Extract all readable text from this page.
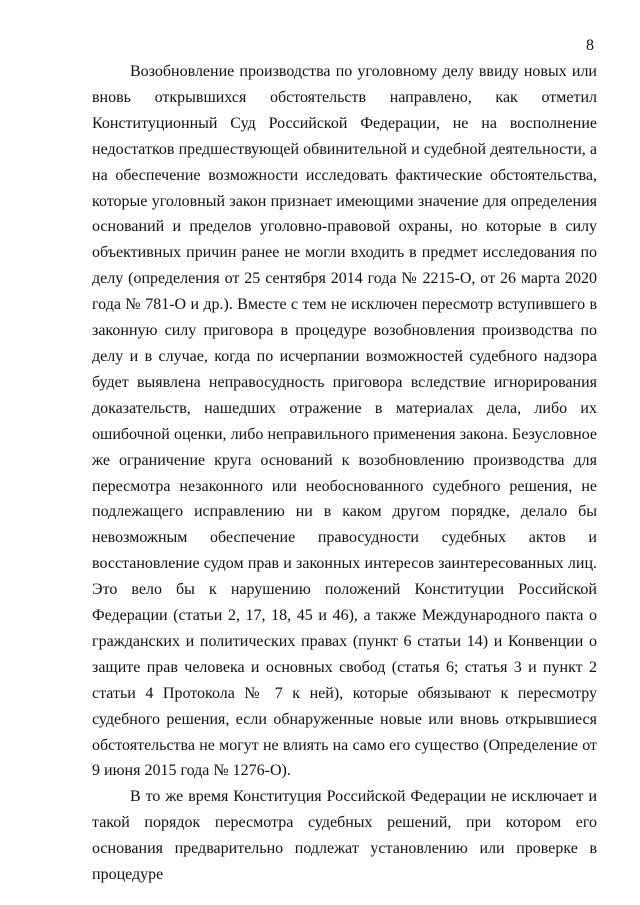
8

Возобновление производства по уголовному делу ввиду новых или вновь открывшихся обстоятельств направлено, как отметил Конституционный Суд Российской Федерации, не на восполнение недостатков предшествующей обвинительной и судебной деятельности, а на обеспечение возможности исследовать фактические обстоятельства, которые уголовный закон признает имеющими значение для определения оснований и пределов уголовно-правовой охраны, но которые в силу объективных причин ранее не могли входить в предмет исследования по делу (определения от 25 сентября 2014 года № 2215-О, от 26 марта 2020 года № 781-О и др.). Вместе с тем не исключен пересмотр вступившего в законную силу приговора в процедуре возобновления производства по делу и в случае, когда по исчерпании возможностей судебного надзора будет выявлена неправосудность приговора вследствие игнорирования доказательств, нашедших отражение в материалах дела, либо их ошибочной оценки, либо неправильного применения закона. Безусловное же ограничение круга оснований к возобновлению производства для пересмотра незаконного или необоснованного судебного решения, не подлежащего исправлению ни в каком другом порядке, делало бы невозможным обеспечение правосудности судебных актов и восстановление судом прав и законных интересов заинтересованных лиц. Это вело бы к нарушению положений Конституции Российской Федерации (статьи 2, 17, 18, 45 и 46), а также Международного пакта о гражданских и политических правах (пункт 6 статьи 14) и Конвенции о защите прав человека и основных свобод (статья 6; статья 3 и пункт 2 статьи 4 Протокола № 7 к ней), которые обязывают к пересмотру судебного решения, если обнаруженные новые или вновь открывшиеся обстоятельства не могут не влиять на само его существо (Определение от 9 июня 2015 года № 1276-О).

В то же время Конституция Российской Федерации не исключает и такой порядок пересмотра судебных решений, при котором его основания предварительно подлежат установлению или проверке в процедуре
